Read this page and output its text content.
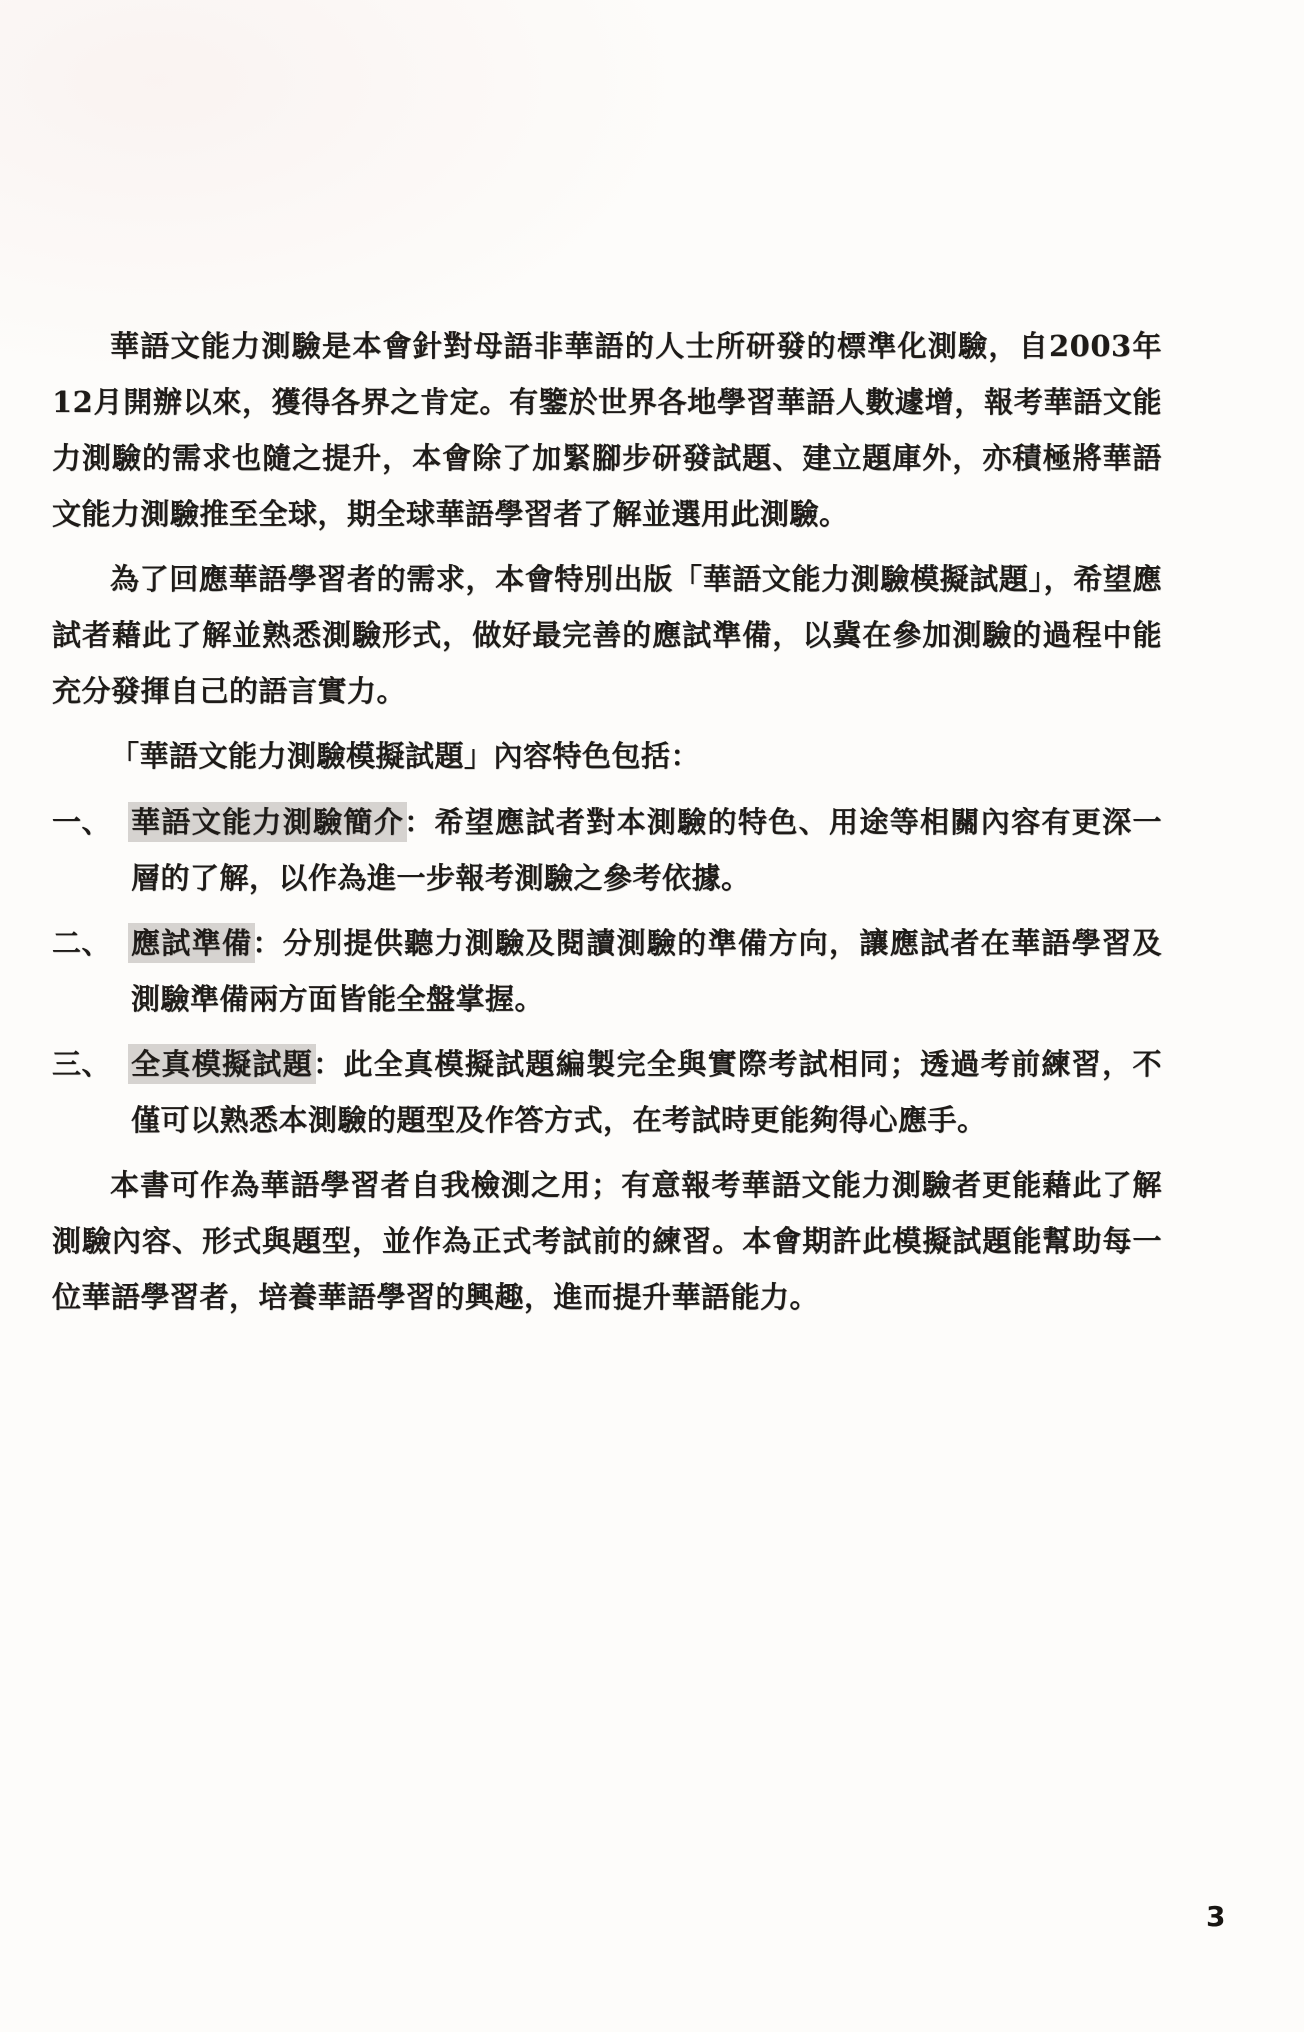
華語文能力測驗是本會針對母語非華語的人士所研發的標準化測驗，自2003年12月開辦以來，獲得各界之肯定。有鑒於世界各地學習華語人數遽增，報考華語文能力測驗的需求也隨之提升，本會除了加緊腳步研發試題、建立題庫外，亦積極將華語文能力測驗推至全球，期全球華語學習者了解並選用此測驗。

為了回應華語學習者的需求，本會特別出版「華語文能力測驗模擬試題」，希望應試者藉此了解並熟悉測驗形式，做好最完善的應試準備，以冀在參加測驗的過程中能充分發揮自己的語言實力。

「華語文能力測驗模擬試題」內容特色包括：

一、 華語文能力測驗簡介：希望應試者對本測驗的特色、用途等相關內容有更深一層的了解，以作為進一步報考測驗之參考依據。
二、 應試準備：分別提供聽力測驗及閱讀測驗的準備方向，讓應試者在華語學習及測驗準備兩方面皆能全盤掌握。
三、 全真模擬試題：此全真模擬試題編製完全與實際考試相同；透過考前練習，不僅可以熟悉本測驗的題型及作答方式，在考試時更能夠得心應手。

本書可作為華語學習者自我檢測之用；有意報考華語文能力測驗者更能藉此了解測驗內容、形式與題型，並作為正式考試前的練習。本會期許此模擬試題能幫助每一位華語學習者，培養華語學習的興趣，進而提升華語能力。

3
